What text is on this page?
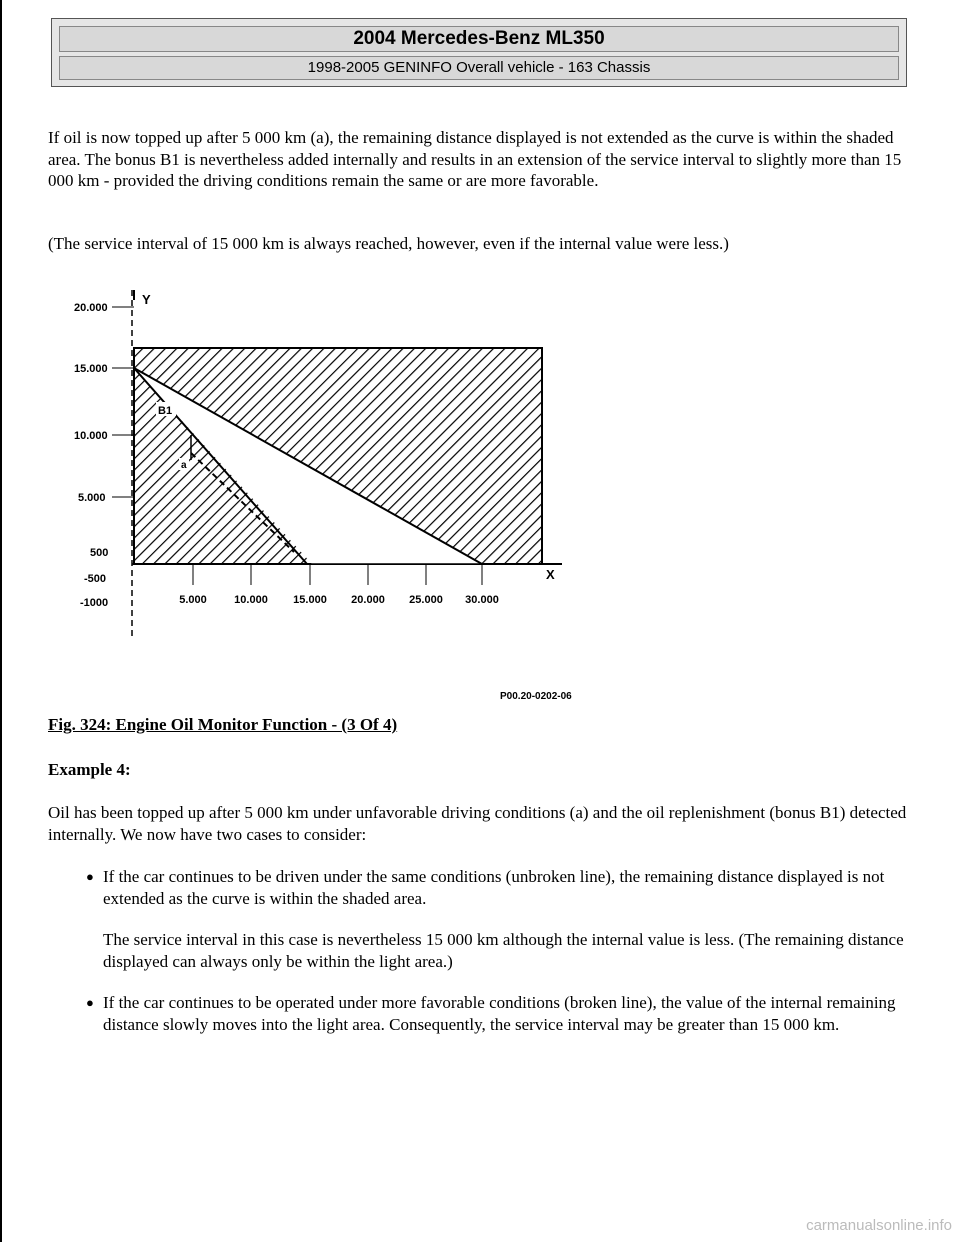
2004 Mercedes-Benz ML350
1998-2005 GENINFO Overall vehicle - 163 Chassis

If oil is now topped up after 5 000 km (a), the remaining distance displayed is not extended as the curve is within the shaded area. The bonus B1 is nevertheless added internally and results in an extension of the service interval to slightly more than 15 000 km - provided the driving conditions remain the same or are more favorable.

(The service interval of 15 000 km is always reached, however, even if the internal value were less.)

20.000
15.000
10.000
5.000
500
-500
-1000	5.000 10.000 15.000 20.000 25.000 30.000
Y
X
B1
a
P00.20-0202-06

Fig. 324: Engine Oil Monitor Function - (3 Of 4)

Example 4:

Oil has been topped up after 5 000 km under unfavorable driving conditions (a) and the oil replenishment (bonus B1) detected internally. We now have two cases to consider:

● If the car continues to be driven under the same conditions (unbroken line), the remaining distance displayed is not extended as the curve is within the shaded area.

The service interval in this case is nevertheless 15 000 km although the internal value is less. (The remaining distance displayed can always only be within the light area.)

● If the car continues to be operated under more favorable conditions (broken line), the value of the internal remaining distance slowly moves into the light area. Consequently, the service interval may be greater than 15 000 km.

carmanualsonline.info
